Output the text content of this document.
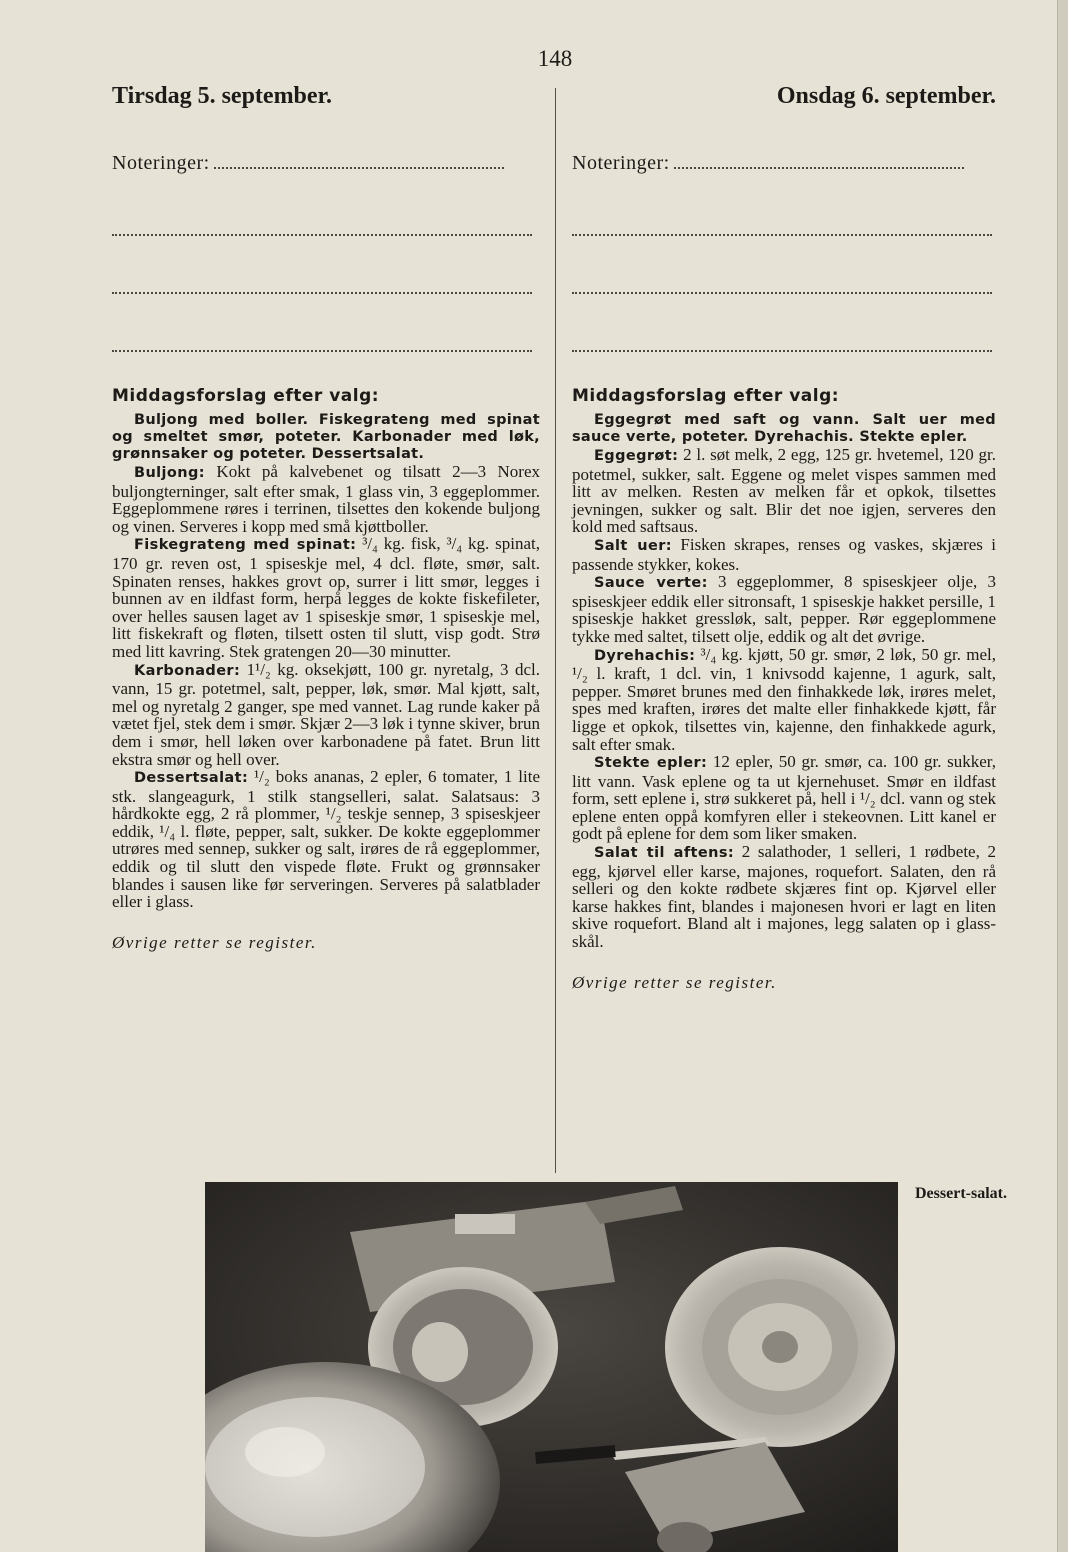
148
Tirsdag 5. september.
Noteringer:
Middagsforslag efter valg:

Buljong med boller. Fiskegrateng med spinat og smeltet smør, poteter. Karbonader med løk, grønnsaker og poteter. Dessertsalat.

Buljong: Kokt på kalvebenet og tilsatt 2—3 Norex buljongterninger, salt efter smak, 1 glass vin, 3 eggeplommer. Eggeplommene røres i terrinen, tilsettes den kokende buljong og vinen. Serveres i kopp med små kjøttboller.

Fiskegrateng med spinat: ³/₄ kg. fisk, ³/₄ kg. spinat, 170 gr. reven ost, 1 spiseskje mel, 4 dcl. fløte, smør, salt. Spinaten renses, hakkes grovt op, surrer i litt smør, legges i bunnen av en ildfast form, herpå legges de kokte fiskefileter, over helles sausen laget av 1 spiseskje smør, 1 spiseskje mel, litt fiskekraft og fløten, tilsett osten til slutt, visp godt. Strø med litt kavring. Stek gratengen 20—30 minutter.

Karbonader: 1¹/₂ kg. oksekjøtt, 100 gr. nyretalg, 3 dcl. vann, 15 gr. potetmel, salt, pepper, løk, smør. Mal kjøtt, salt, mel og nyretalg 2 ganger, spe med vannet. Lag runde kaker på vætet fjel, stek dem i smør. Skjær 2—3 løk i tynne skiver, brun dem i smør, hell løken over karbonadene på fatet. Brun litt ekstra smør og hell over.

Dessertsalat: ¹/₂ boks ananas, 2 epler, 6 tomater, 1 lite stk. slangeagurk, 1 stilk stangselleri, salat. Salatsaus: 3 hårdkokte egg, 2 rå plommer, ¹/₂ teskje sennep, 3 spiseskjeer eddik, ¹/₄ l. fløte, pepper, salt, sukker. De kokte eggeplommer utrøres med sennep, sukker og salt, irøres de rå eggeplommer, eddik og til slutt den vispede fløte. Frukt og grønnsaker blandes i sausen like før serveringen. Serveres på salatblader eller i glass.

Øvrige retter se register.
Onsdag 6. september.
Noteringer:
Middagsforslag efter valg:

Eggegrøt med saft og vann. Salt uer med sauce verte, poteter. Dyrehachis. Stekte epler.

Eggegrøt: 2 l. søt melk, 2 egg, 125 gr. hvetemel, 120 gr. potetmel, sukker, salt. Eggene og melet vispes sammen med litt av melken. Resten av melken får et opkok, tilsettes jevningen, sukker og salt. Blir det noe igjen, serveres den kold med saftsaus.

Salt uer: Fisken skrapes, renses og vaskes, skjæres i passende stykker, kokes.

Sauce verte: 3 eggeplommer, 8 spiseskjeer olje, 3 spiseskjeer eddik eller sitronsaft, 1 spiseskje hakket persille, 1 spiseskje hakket gressløk, salt, pepper. Rør eggeplommene tykke med saltet, tilsett olje, eddik og alt det øvrige.

Dyrehachis: ³/₄ kg. kjøtt, 50 gr. smør, 2 løk, 50 gr. mel, ¹/₂ l. kraft, 1 dcl. vin, 1 knivsodd kajenne, 1 agurk, salt, pepper. Smøret brunes med den finhakkede løk, irøres melet, spes med kraften, irøres det malte eller finhakkede kjøtt, får ligge et opkok, tilsettes vin, kajenne, den finhakkede agurk, salt efter smak.

Stekte epler: 12 epler, 50 gr. smør, ca. 100 gr. sukker, litt vann. Vask eplene og ta ut kjernehuset. Smør en ildfast form, sett eplene i, strø sukkeret på, hell i ¹/₂ dcl. vann og stek eplene enten oppå komfyren eller i stekeovnen. Litt kanel er godt på eplene for dem som liker smaken.

Salat til aftens: 2 salathoder, 1 selleri, 1 rødbete, 2 egg, kjørvel eller karse, majones, roquefort. Salaten, den rå selleri og den kokte rødbete skjæres fint op. Kjørvel eller karse hakkes fint, blandes i majonesen hvori er lagt en liten skive roquefort. Bland alt i majones, legg salaten op i glass-skål.

Øvrige retter se register.
Dessert-salat.
